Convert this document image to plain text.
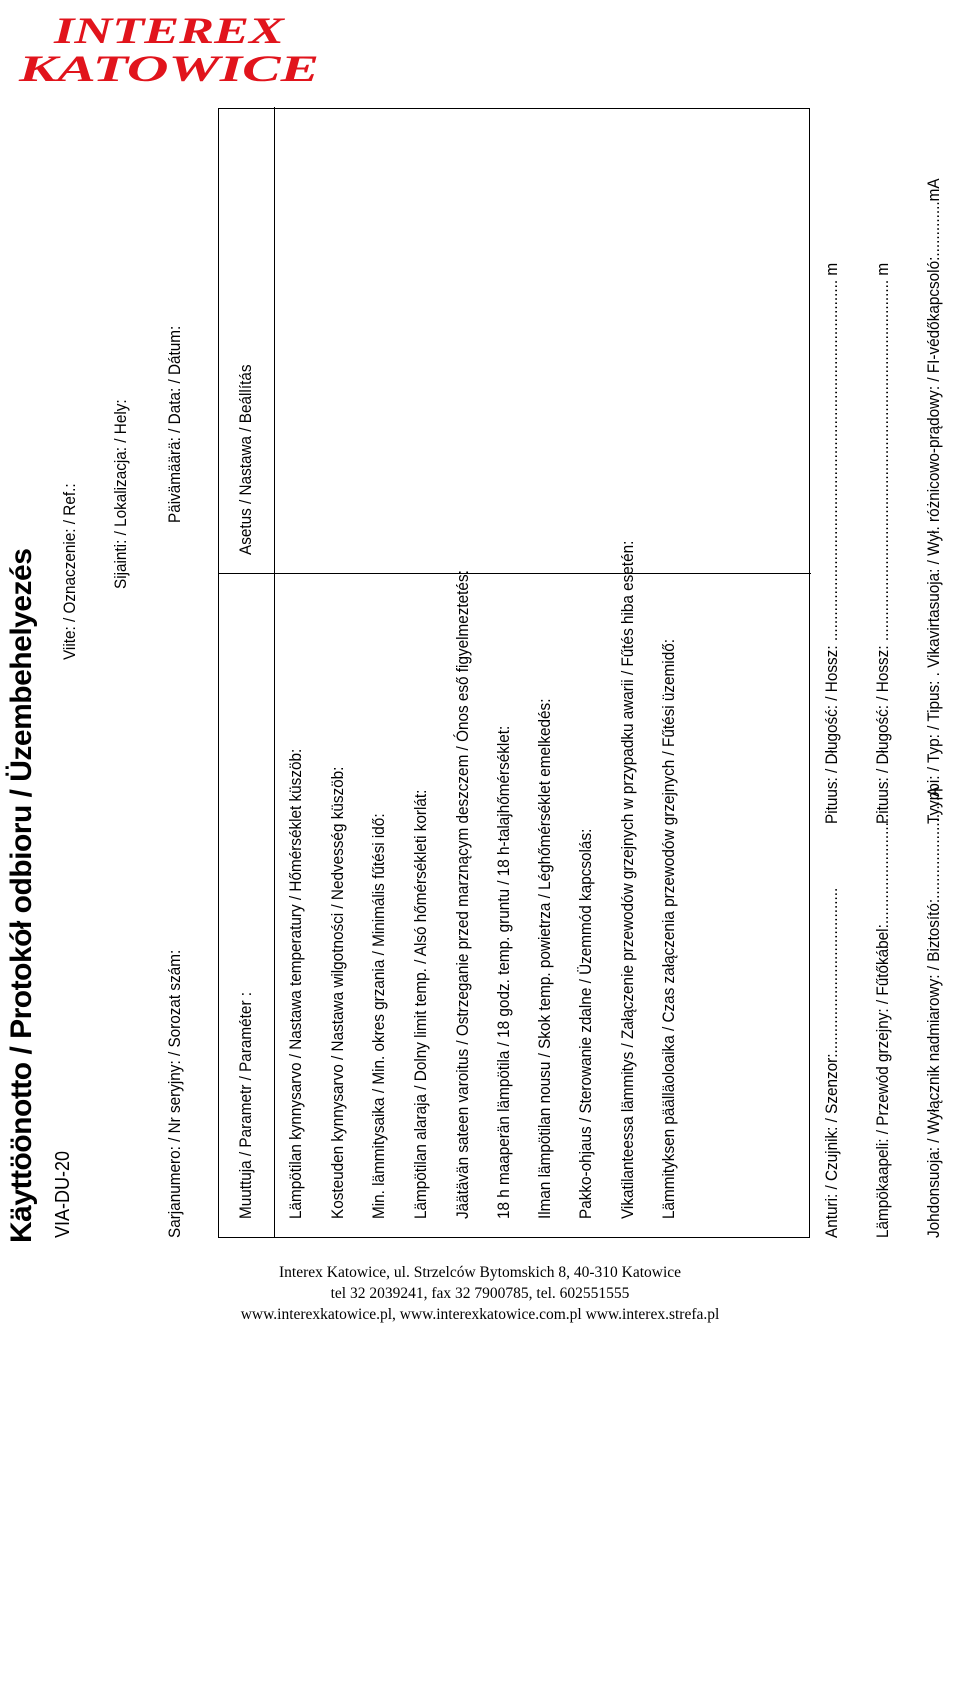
INTEREX
KATOWICE
VIA-DU-20
Käyttöönotto / Protokół odbioru / Üzembehelyezés Viite: / Oznaczenie: / Ref.: Sijainti: / Lokalizacja: / Hely:
Sarjanumero: / Nr seryjny: / Sorozat szám:
Päivämäärä: / Data: / Dátum:
Muuttuja / Parametr / Paraméter :
Asetus / Nastawa / Beállítás
Lämpötilan kynnysarvo / Nastawa temperatury / Hőmérséklet küszöb: Kosteuden kynnysarvo / Nastawa wilgotności / Nedvesség küszöb: Min. lämmitysaika / Min. okres grzania / Minimális fűtési idő: Lämpötilan alaraja / Dolny limit temp. / Alsó hőmérsékleti korlát: Jäätävän sateen varoitus / Ostrzeganie przed marznącym deszczem / Ónos eső figyelmeztetés: 18 h maaperän lämpötila / 18 godz. temp. gruntu / 18 h-talajhőmérséklet: Ilman lämpötilan nousu / Skok temp. powietrza / Léghőmérséklet emelkedés: Pakko-ohjaus / Sterowanie zdalne / Üzemmód kapcsolás: Vikatilanteessa lämmitys / Załączenie przewodów grzejnych w przypadku awarii / Fűtés hiba esetén: Lämmityksen päälläoloaika / Czas załączenia przewodów grzejnych / Fűtési üzemidő:	Anturi: / Czujnik: / Szenzor:.......................................
Pituus: / Długość: / Hossz: ..................................................................................... m
Lämpökaapeli: / Przewód grzejny: / Fűtőkábel:..........................
Pituus: / Długość: / Hossz: ..................................................................................... m
Johdonsuoja: / Wyłącznik nadmiarowy: / Biztosító:........................A
Tyyppi: / Typ: / Tipus: . Vikavirtasuoja: / Wył. różnicowo-prądowy: / FI-védőkapcsoló:.............mA
Interex Katowice, ul. Strzelców Bytomskich 8, 40-310 Katowice
tel 32 2039241, fax 32 7900785, tel. 602551555
www.interexkatowice.pl, www.interexkatowice.com.pl www.interex.strefa.pl
